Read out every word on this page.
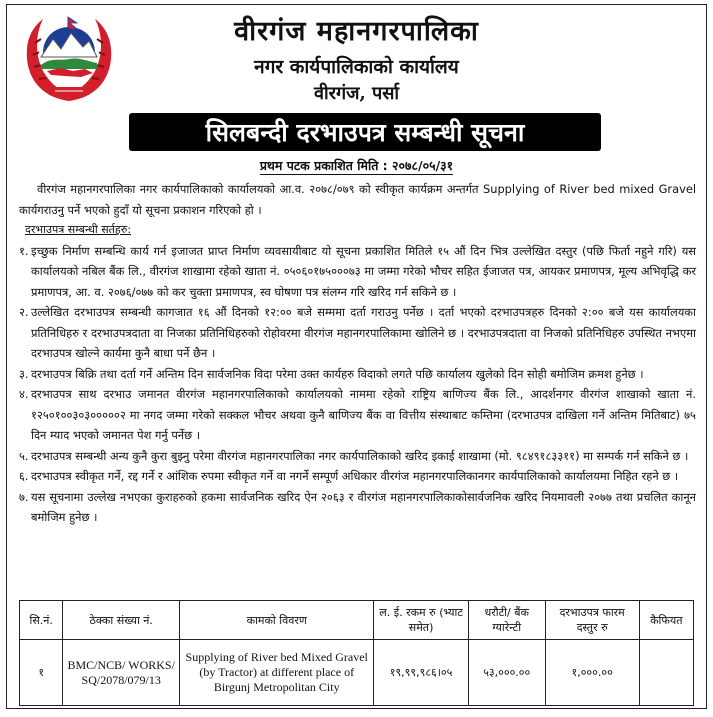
वीरगंज महानगरपालिका
नगर कार्यपालिकाको कार्यालय
वीरगंज, पर्सा
सिलबन्दी दरभाउपत्र सम्बन्धी सूचना
प्रथम पटक प्रकाशित मिति : २०७८/०५/३१

वीरगंज महानगरपालिका नगर कार्यपालिकाको कार्यालयको आ.व. २०७८/०७९ को स्वीकृत कार्यक्रम अन्तर्गत Supplying of River bed mixed Gravel कार्यगराउनु पर्ने भएको हुदाँ यो सूचना प्रकाशन गरिएको हो ।

दरभाउपत्र सम्बन्धी सर्तहरु:

१. इच्छुक निर्माण सम्बन्धि कार्य गर्न इजाजत प्राप्त निर्माण व्यवसायीबाट यो सूचना प्रकाशित मितिले १५ औं दिन भित्र उल्लेखित दस्तुर (पछि फिर्ता नहुने गरि) यस कार्यालयको नबिल बैंक लि., वीरगंज शाखामा रहेको खाता नं. ०५०६०१७५०००७३ मा जम्मा गरेको भौचर सहित ईजाजत पत्र, आयकर प्रमाणपत्र, मूल्य अभिवृद्धि कर प्रमाणपत्र, आ. व. २०७६/०७७ को कर चुक्ता प्रमाणपत्र, स्व घोषणा पत्र संलग्न गरि खरिद गर्न सकिने छ ।
२. उल्लेखित दरभाउपत्र सम्बन्धी कागजात १६ औं दिनको १२:०० बजे सम्ममा दर्ता गराउनु पर्नेछ । दर्ता भएको दरभाउपत्रहरु दिनको २:०० बजे यस कार्यालयका प्रतिनिधिहरु र दरभाउपत्रदाता वा निजका प्रतिनिधिहरुको रोहोवरमा वीरगंज महानगरपालिकामा खोलिने छ । दरभाउपत्रदाता वा निजको प्रतिनिधिहरु उपस्थित नभएमा दरभाउपत्र खोल्ने कार्यमा कुनै बाधा पर्ने छैन ।
३. दरभाउपत्र बिक्रि तथा दर्ता गर्ने अन्तिम दिन सार्वजनिक विदा परेमा उक्त कार्यहरु विदाको लगते पछि कार्यालय खुलेको दिन सोही बमोजिम क्रमश हुनेछ ।
४. दरभाउपत्र साथ दरभाउ जमानत वीरगंज महानगरपालिकाको कार्यालयको नाममा रहेको राष्ट्रिय बाणिज्य बैंक लि., आदर्शनगर वीरगंज शाखाको खाता नं. १२५०१००३०३०००००२ मा नगद जम्मा गरेको सक्कल भौचर अथवा कुनै बाणिज्य बैंक वा वित्तीय संस्थाबाट कम्तिमा (दरभाउपत्र दाखिला गर्ने अन्तिम मितिबाट) ७५ दिन म्याद भएको जमानत पेश गर्नु पर्नेछ ।
५. दरभाउपत्र सम्बन्धी अन्य कुनै कुरा बुझ्नु परेमा वीरगंज महानगरपालिका नगर कार्यपालिकाको खरिद इकाई शाखामा (मो. ९८४९१८३३११) मा सम्पर्क गर्न सकिने छ ।
६. दरभाउपत्र स्वीकृत गर्ने, रद्द गर्ने र आंशिक रुपमा स्वीकृत गर्ने वा नगर्ने सम्पूर्ण अधिकार वीरगंज महानगरपालिकानगर कार्यपालिकाको कार्यालयमा निहित रहने छ ।
७. यस सूचनामा उल्लेख नभएका कुराहरुको हकमा सार्वजनिक खरिद ऐन २०६३ र वीरगंज महानगरपालिकाकोसार्वजनिक खरिद नियमावली २०७७ तथा प्रचलित कानून बमोजिम हुनेछ ।
सि.नं.	ठेक्का संख्या नं.	कामको विवरण	ल. ई. रकम रु (भ्याट समेत)	धरौटी/ बैंक ग्यारेन्टी	दरभाउपत्र फारम दस्तुर रु	कैफियत
१	BMC/NCB/ WORKS/ SQ/2078/079/13	Supplying of River bed Mixed Gravel (by Tractor) at different place of Birgunj Metropolitan City	१९,९९,९८६।०५	५३,०००.००	१,०००.००	
